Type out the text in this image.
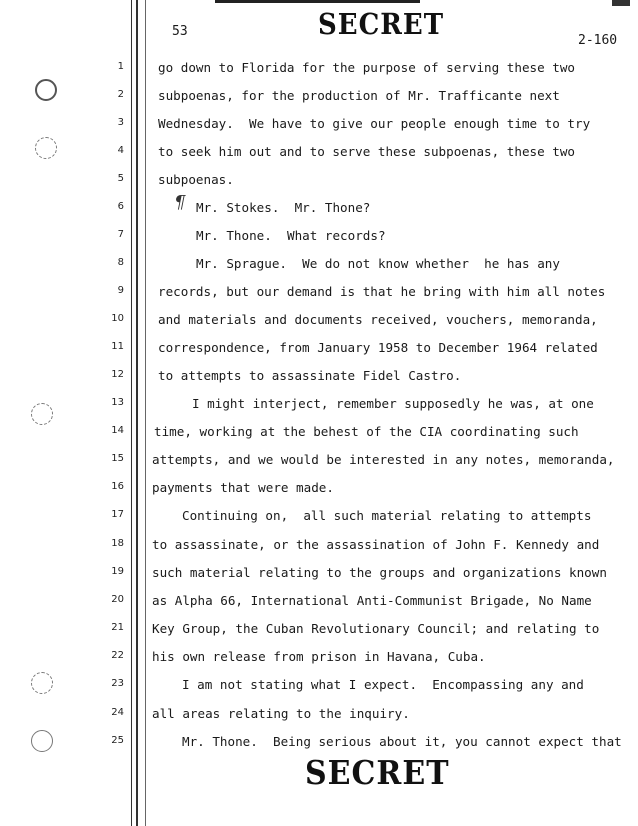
SECRET
53
2-160
¶
1	go down to Florida for the purpose of serving these two
2	subpoenas, for the production of Mr. Trafficante next
3	Wednesday.  We have to give our people enough time to try
4	to seek him out and to serve these subpoenas, these two
5	subpoenas.
6	Mr. Stokes.  Mr. Thone?
7	Mr. Thone.  What records?
8	Mr. Sprague.  We do not know whether  he has any
9	records, but our demand is that he bring with him all notes
10	and materials and documents received, vouchers, memoranda,
11	correspondence, from January 1958 to December 1964 related
12	to attempts to assassinate Fidel Castro.
13	I might interject, remember supposedly he was, at one
14 time, working at the behest of the CIA coordinating such
15 attempts, and we would be interested in any notes, memoranda,
16 payments that were made.
17	Continuing on,  all such material relating to attempts
18 to assassinate, or the assassination of John F. Kennedy and
19 such material relating to the groups and organizations known
20 as Alpha 66, International Anti-Communist Brigade, No Name
21 Key Group, the Cuban Revolutionary Council; and relating to
22 his own release from prison in Havana, Cuba.
23	I am not stating what I expect.  Encompassing any and
24 all areas relating to the inquiry.
25	Mr. Thone.  Being serious about it, you cannot expect that
SECRET
